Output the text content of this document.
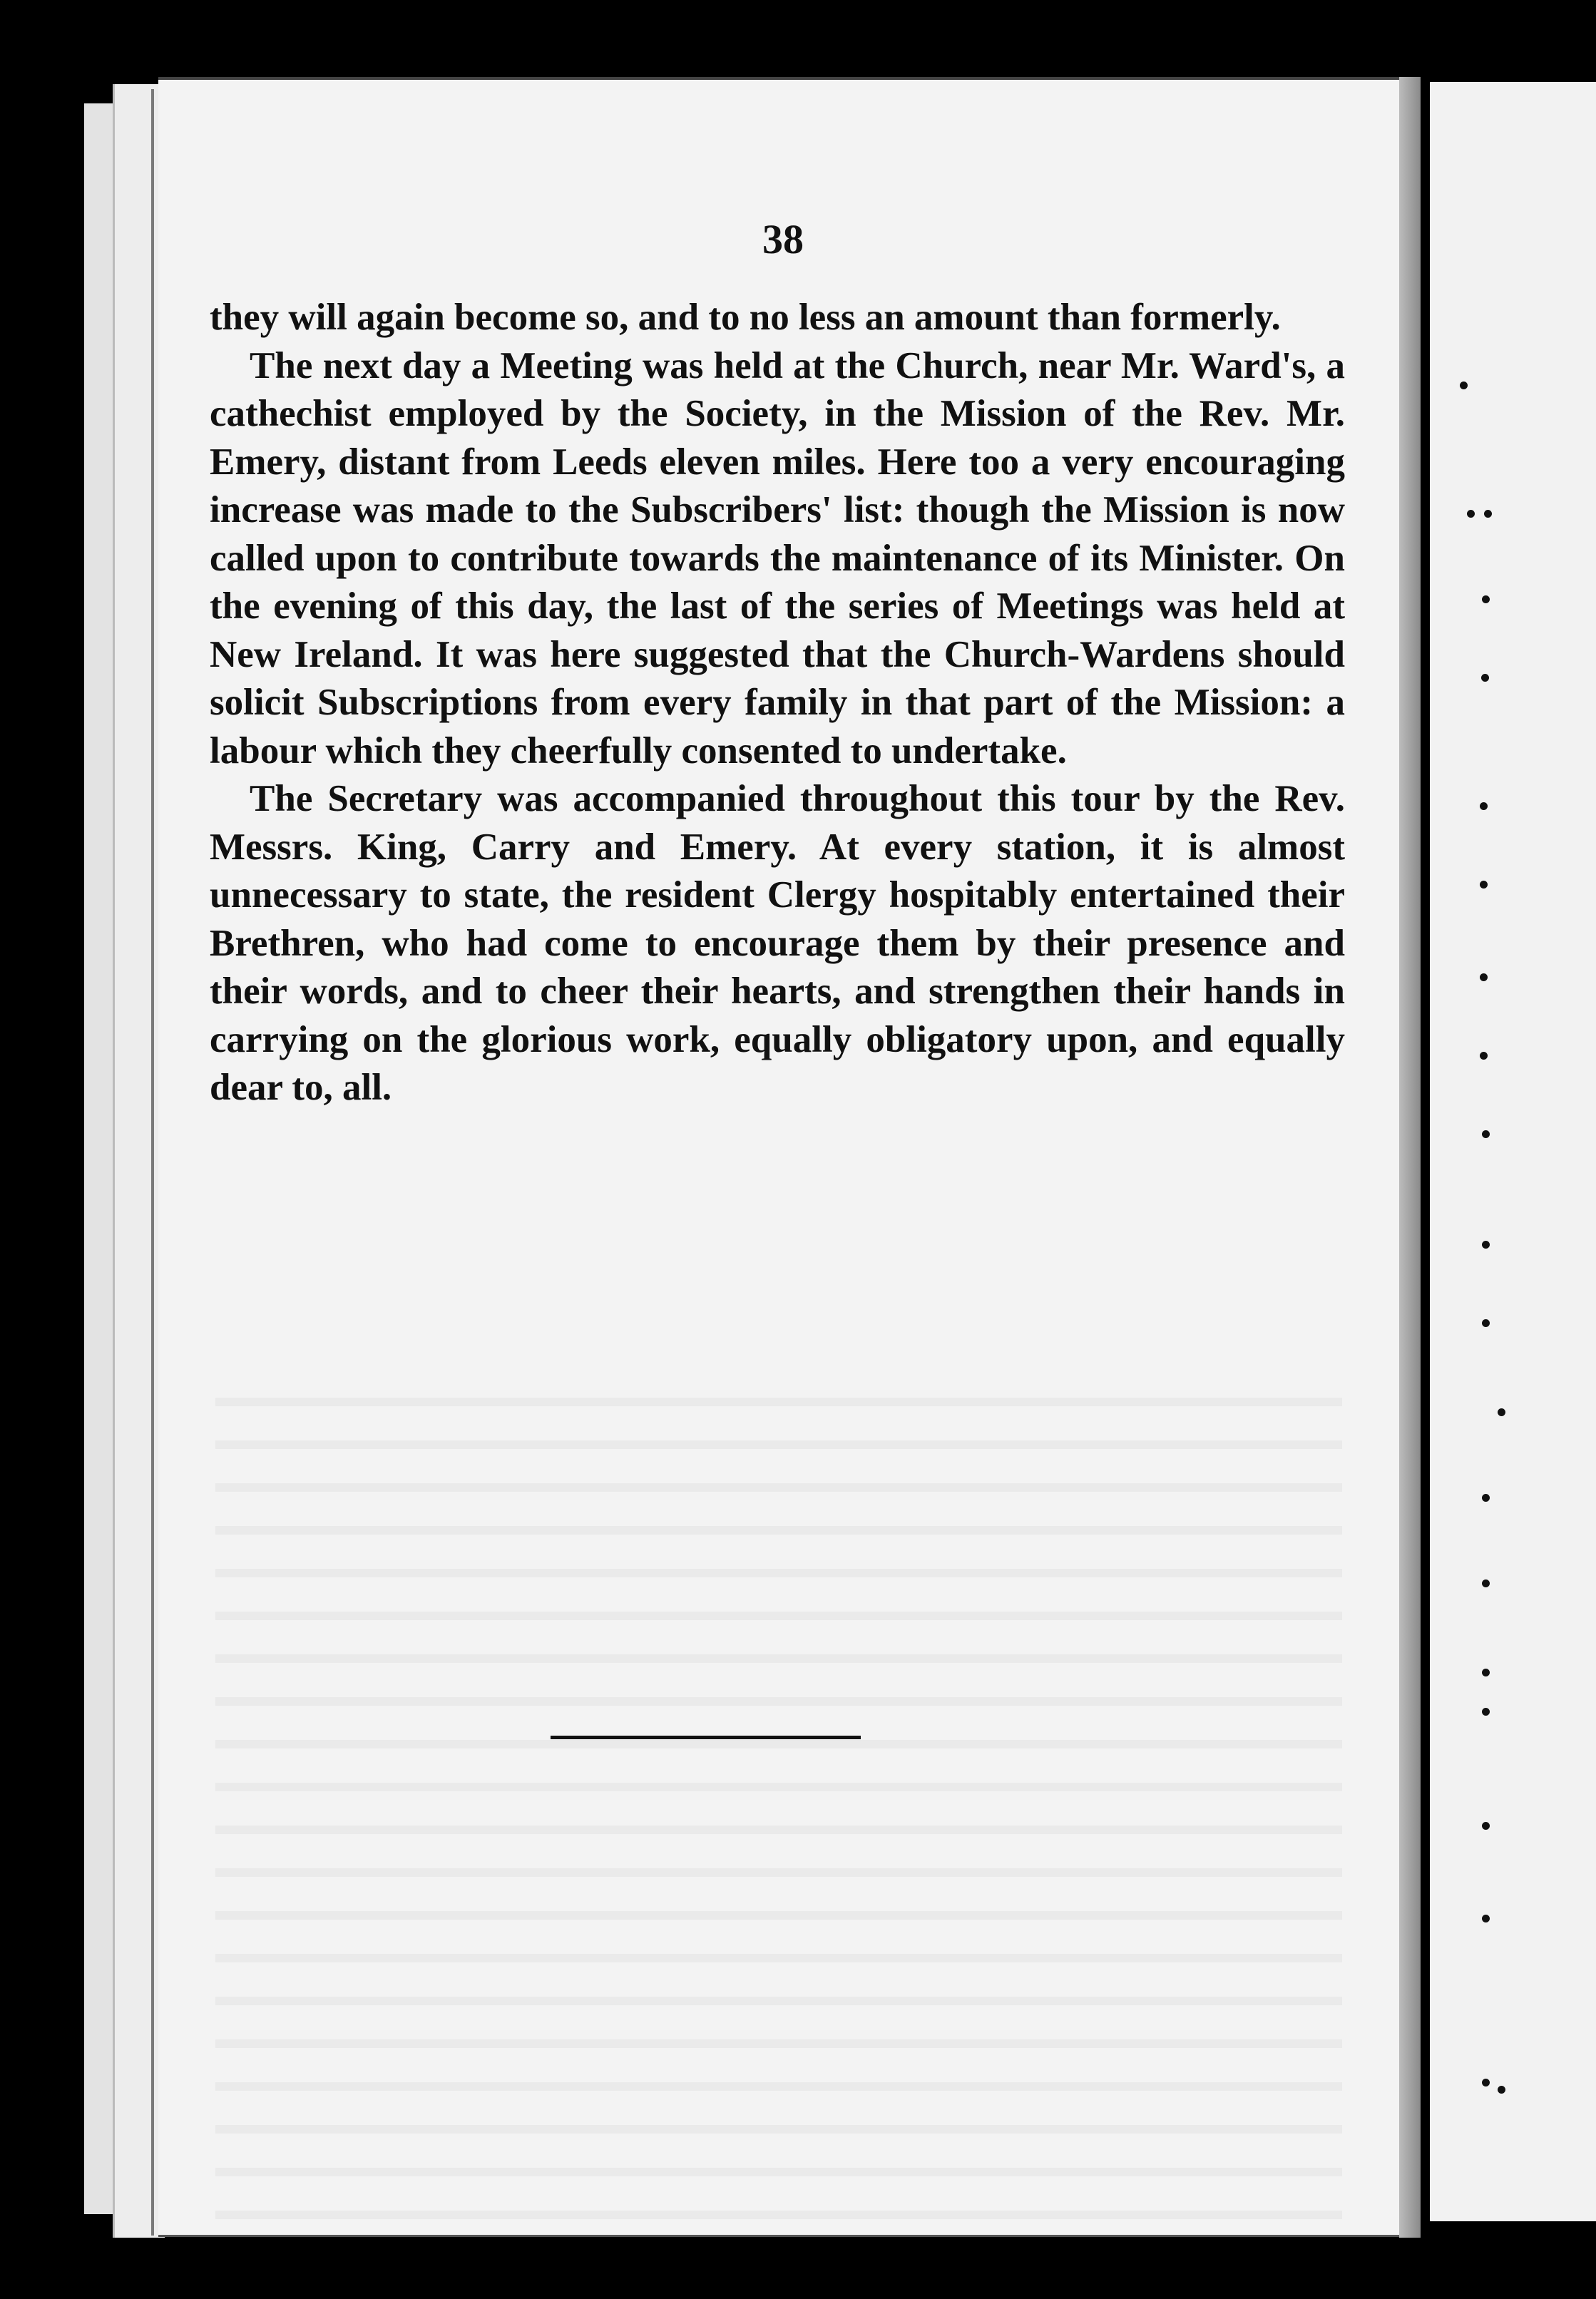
38

they will again become so, and to no less an amount than formerly.

The next day a Meeting was held at the Church, near Mr. Ward's, a cathechist employed by the Society, in the Mission of the Rev. Mr. Emery, distant from Leeds eleven miles. Here too a very encouraging increase was made to the Subscribers' list: though the Mission is now called upon to contribute towards the maintenance of its Minister. On the evening of this day, the last of the series of Meetings was held at New Ireland. It was here suggested that the Church-Wardens should solicit Subscriptions from every family in that part of the Mission: a labour which they cheerfully consented to undertake.

The Secretary was accompanied throughout this tour by the Rev. Messrs. King, Carry and Emery. At every station, it is almost unnecessary to state, the resident Clergy hospitably entertained their Brethren, who had come to encourage them by their presence and their words, and to cheer their hearts, and strengthen their hands in carrying on the glorious work, equally obligatory upon, and equally dear to, all.
